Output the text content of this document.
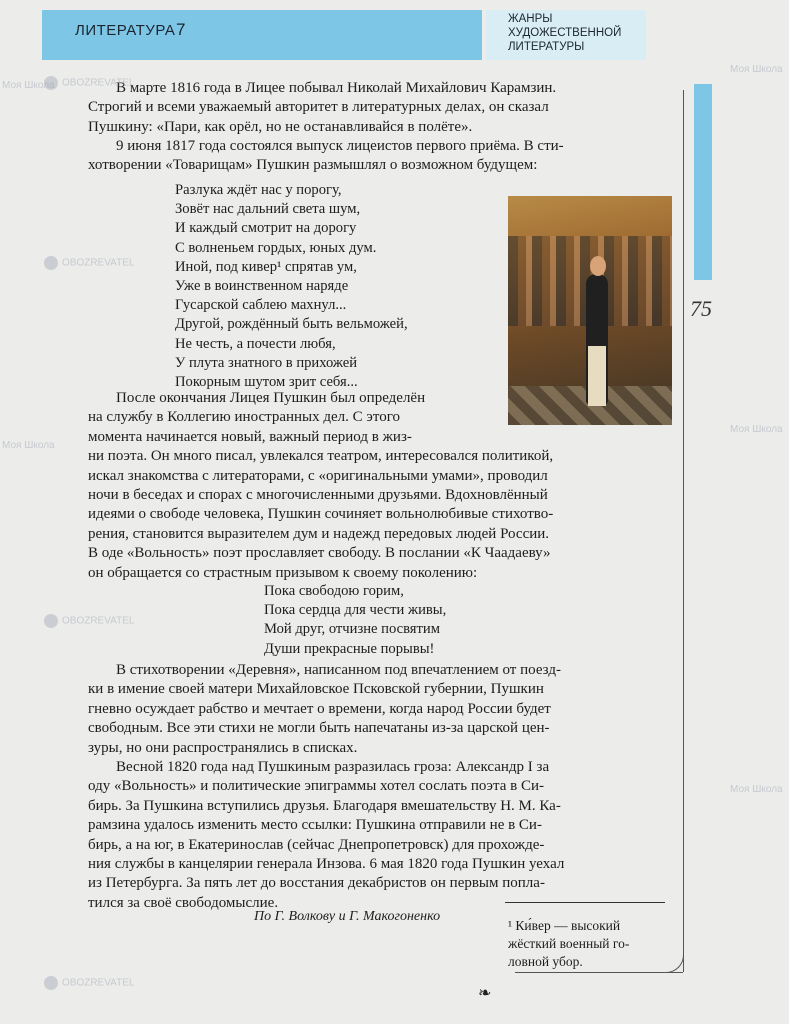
ЛИТЕРАТУРА 7
ЖАНРЫ
ХУДОЖЕСТВЕННОЙ
ЛИТЕРАТУРЫ
75
В марте 1816 года в Лицее побывал Николай Михайлович Карамзин.
Строгий и всеми уважаемый авторитет в литературных делах, он сказал
Пушкину: «Пари, как орёл, но не останавливайся в полёте».
9 июня 1817 года состоялся выпуск лицеистов первого приёма. В сти-
хотворении «Товарищам» Пушкин размышлял о возможном будущем:
Разлука ждёт нас у порогу,
Зовёт нас дальний света шум,
И каждый смотрит на дорогу
С волненьем гордых, юных дум.
Иной, под кивер¹ спрятав ум,
Уже в воинственном наряде
Гусарской саблею махнул...
Другой, рождённый быть вельможей,
Не честь, а почести любя,
У плута знатного в прихожей
Покорным шутом зрит себя...
После окончания Лицея Пушкин был определён
на службу в Коллегию иностранных дел. С этого
момента начинается новый, важный период в жиз-
ни поэта. Он много писал, увлекался театром, интересовался политикой,
искал знакомства с литераторами, с «оригинальными умами», проводил
ночи в беседах и спорах с многочисленными друзьями. Вдохновлённый
идеями о свободе человека, Пушкин сочиняет вольнолюбивые стихотво-
рения, становится выразителем дум и надежд передовых людей России.
В оде «Вольность» поэт прославляет свободу. В послании «К Чаадаеву»
он обращается со страстным призывом к своему поколению:
Пока свободою горим,
Пока сердца для чести живы,
Мой друг, отчизне посвятим
Души прекрасные порывы!
В стихотворении «Деревня», написанном под впечатлением от поезд-
ки в имение своей матери Михайловское Псковской губернии, Пушкин
гневно осуждает рабство и мечтает о времени, когда народ России будет
свободным. Все эти стихи не могли быть напечатаны из-за царской цен-
зуры, но они распространялись в списках.
Весной 1820 года над Пушкиным разразилась гроза: Александр I за
оду «Вольность» и политические эпиграммы хотел сослать поэта в Си-
бирь. За Пушкина вступились друзья. Благодаря вмешательству Н. М. Ка-
рамзина удалось изменить место ссылки: Пушкина отправили не в Си-
бирь, а на юг, в Екатеринослав (сейчас Днепропетровск) для прохожде-
ния службы в канцелярии генерала Инзова. 6 мая 1820 года Пушкин уехал
из Петербурга. За пять лет до восстания декабристов он первым попла-
тился за своё свободомыслие.
По Г. Волкову и Г. Макогоненко
¹ Ки́вер — высокий
жёсткий военный го-
ловной убор.
❧
Моя Школа OBOZREVATEL
OBOZREVATEL
Моя Школа
OBOZREVATEL
Моя Школа
Моя Школа
Моя Школа
OBOZREVATEL
